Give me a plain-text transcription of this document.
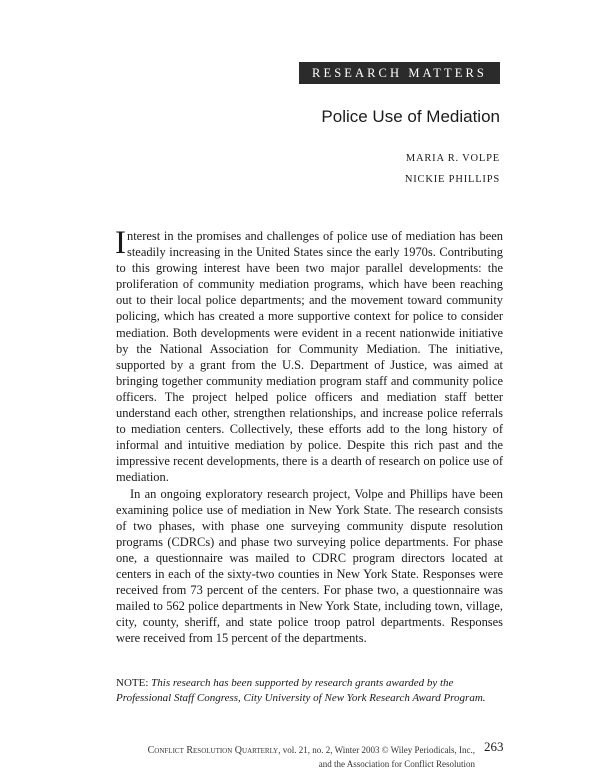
RESEARCH MATTERS
Police Use of Mediation
MARIA R. VOLPE
NICKIE PHILLIPS

Interest in the promises and challenges of police use of mediation has been steadily increasing in the United States since the early 1970s. Contributing to this growing interest have been two major parallel developments: the proliferation of community mediation programs, which have been reaching out to their local police departments; and the movement toward community policing, which has created a more supportive context for police to consider mediation. Both developments were evident in a recent nationwide initiative by the National Association for Community Mediation. The initiative, supported by a grant from the U.S. Department of Justice, was aimed at bringing together community mediation program staff and community police officers. The project helped police officers and mediation staff better understand each other, strengthen relationships, and increase police referrals to mediation centers. Collectively, these efforts add to the long history of informal and intuitive mediation by police. Despite this rich past and the impressive recent developments, there is a dearth of research on police use of mediation.

In an ongoing exploratory research project, Volpe and Phillips have been examining police use of mediation in New York State. The research consists of two phases, with phase one surveying community dispute resolution programs (CDRCs) and phase two surveying police departments. For phase one, a questionnaire was mailed to CDRC program directors located at centers in each of the sixty-two counties in New York State. Responses were received from 73 percent of the centers. For phase two, a questionnaire was mailed to 562 police departments in New York State, including town, village, city, county, sheriff, and state police troop patrol departments. Responses were received from 15 percent of the departments.

NOTE: This research has been supported by research grants awarded by the Professional Staff Congress, City University of New York Research Award Program.
Conflict Resolution Quarterly, vol. 21, no. 2, Winter 2003 © Wiley Periodicals, Inc.,
and the Association for Conflict Resolution
263
